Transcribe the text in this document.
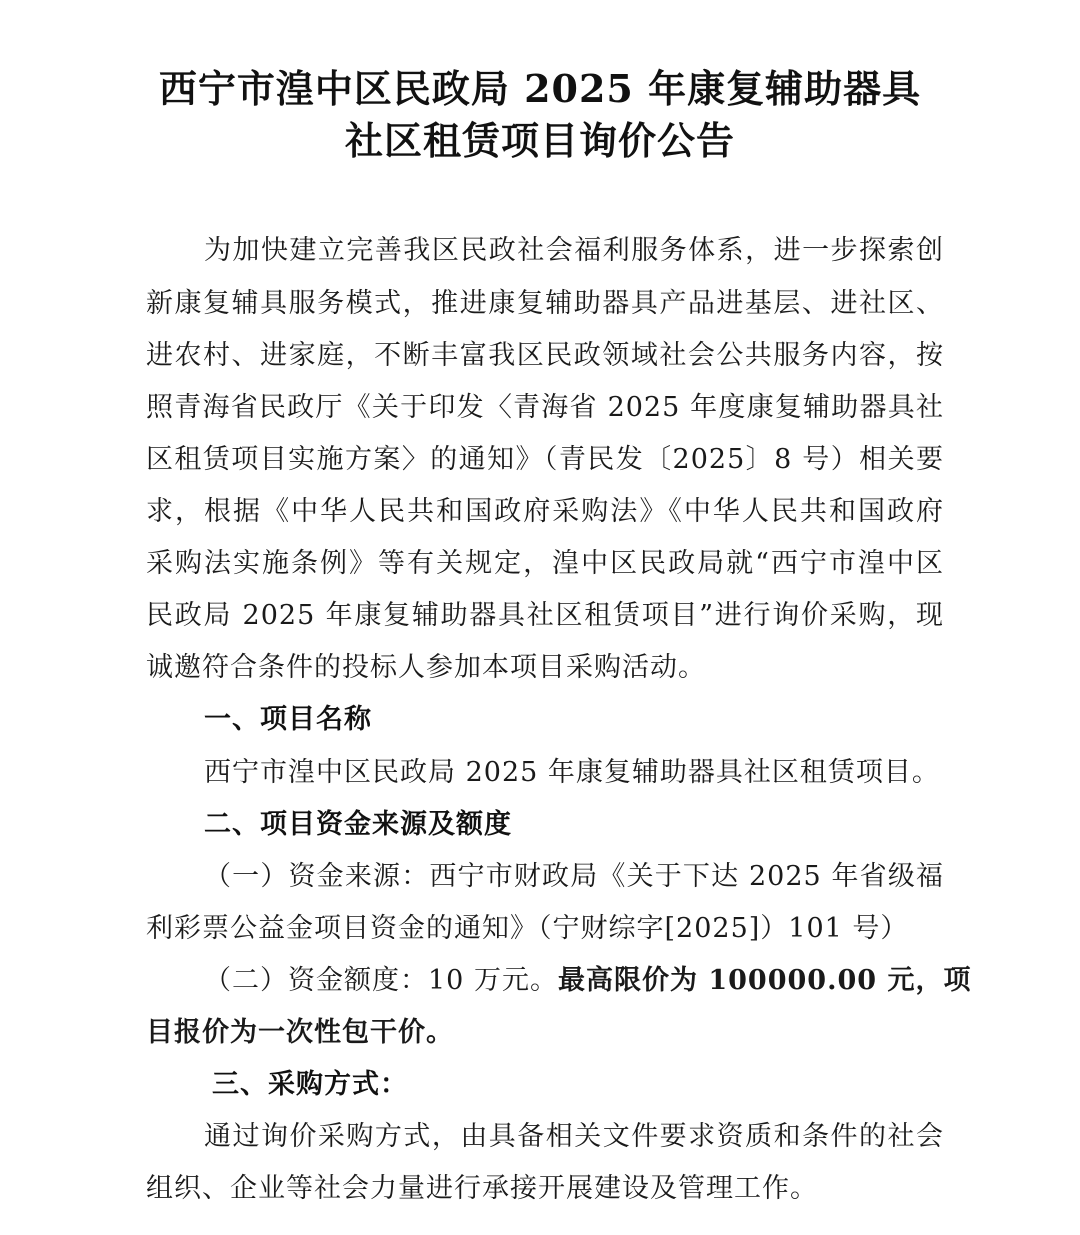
西宁市湟中区民政局 2025 年康复辅助器具
社区租赁项目询价公告
为加快建立完善我区民政社会福利服务体系，进一步探索创
新康复辅具服务模式，推进康复辅助器具产品进基层、进社区、
进农村、进家庭，不断丰富我区民政领域社会公共服务内容，按
照青海省民政厅《关于印发〈青海省 2025 年度康复辅助器具社
区租赁项目实施方案〉的通知》（青民发〔2025〕8 号）相关要
求，根据《中华人民共和国政府采购法》《中华人民共和国政府
采购法实施条例》等有关规定，湟中区民政局就“西宁市湟中区
民政局 2025 年康复辅助器具社区租赁项目”进行询价采购，现
诚邀符合条件的投标人参加本项目采购活动。
一、项目名称
西宁市湟中区民政局 2025 年康复辅助器具社区租赁项目。
二、项目资金来源及额度
（一）资金来源：西宁市财政局《关于下达 2025 年省级福
利彩票公益金项目资金的通知》（宁财综字[2025]）101 号）
（二）资金额度：10 万元。 最高限价为 100000.00 元，项
目报价为一次性包干价。
三、采购方式：
通过询价采购方式，由具备相关文件要求资质和条件的社会
组织、企业等社会力量进行承接开展建设及管理工作。
